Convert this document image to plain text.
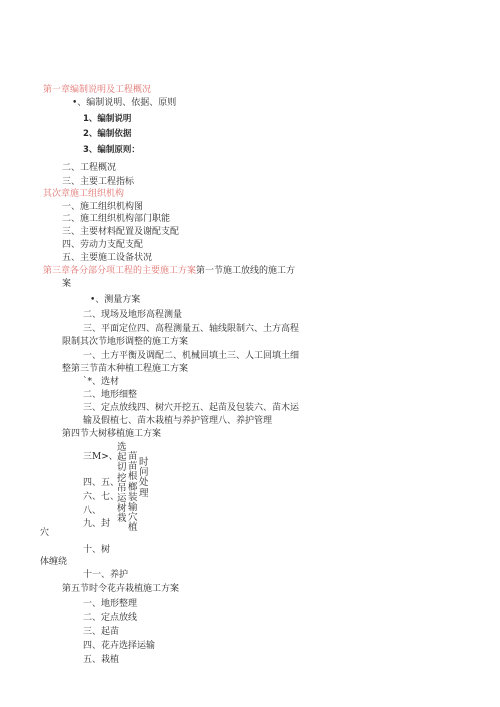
第一章编制说明及工程概况
•、编制说明、依据、原则
1、编制说明
2、编制依据
3、编制原则：
二、工程概况
三、主要工程指标
其次章施工组织机构
一、施工组织机构图
二、施工组织机构部门职能
三、主要材料配置及谢配支配
四、劳动力支配支配
五、主要施工设备状况
第三章各分部分项工程的主要施工方案第一节施工放线的施工方
案
•、测量方案
二、现场及地形高程测量
三、平面定位四、高程测量五、轴线限制六、土方高程
限制其次节地形调整的施工方案
一、土方平衡及调配二、机械回填土三、人工回填土细
整第三节苗木种植工程施工方案
`*、选材
二、地形细整
三、定点放线四、树穴开挖五、起苗及包装六、苗木运
输及假植七、苗木栽植与养护管理八、养护管理
第四节大树移植施工方案
三M>、
选起切挖吊运树栽
苗苗根榔装输穴植
时问处理
四、五、
六、七、
八、
九、封
穴
十、树
体缠绕
十一、养护
第五节时令花卉栽植施工方案
一、地形整理
二、定点放线
三、起苗
四、花卉选择运输
五、栽植
